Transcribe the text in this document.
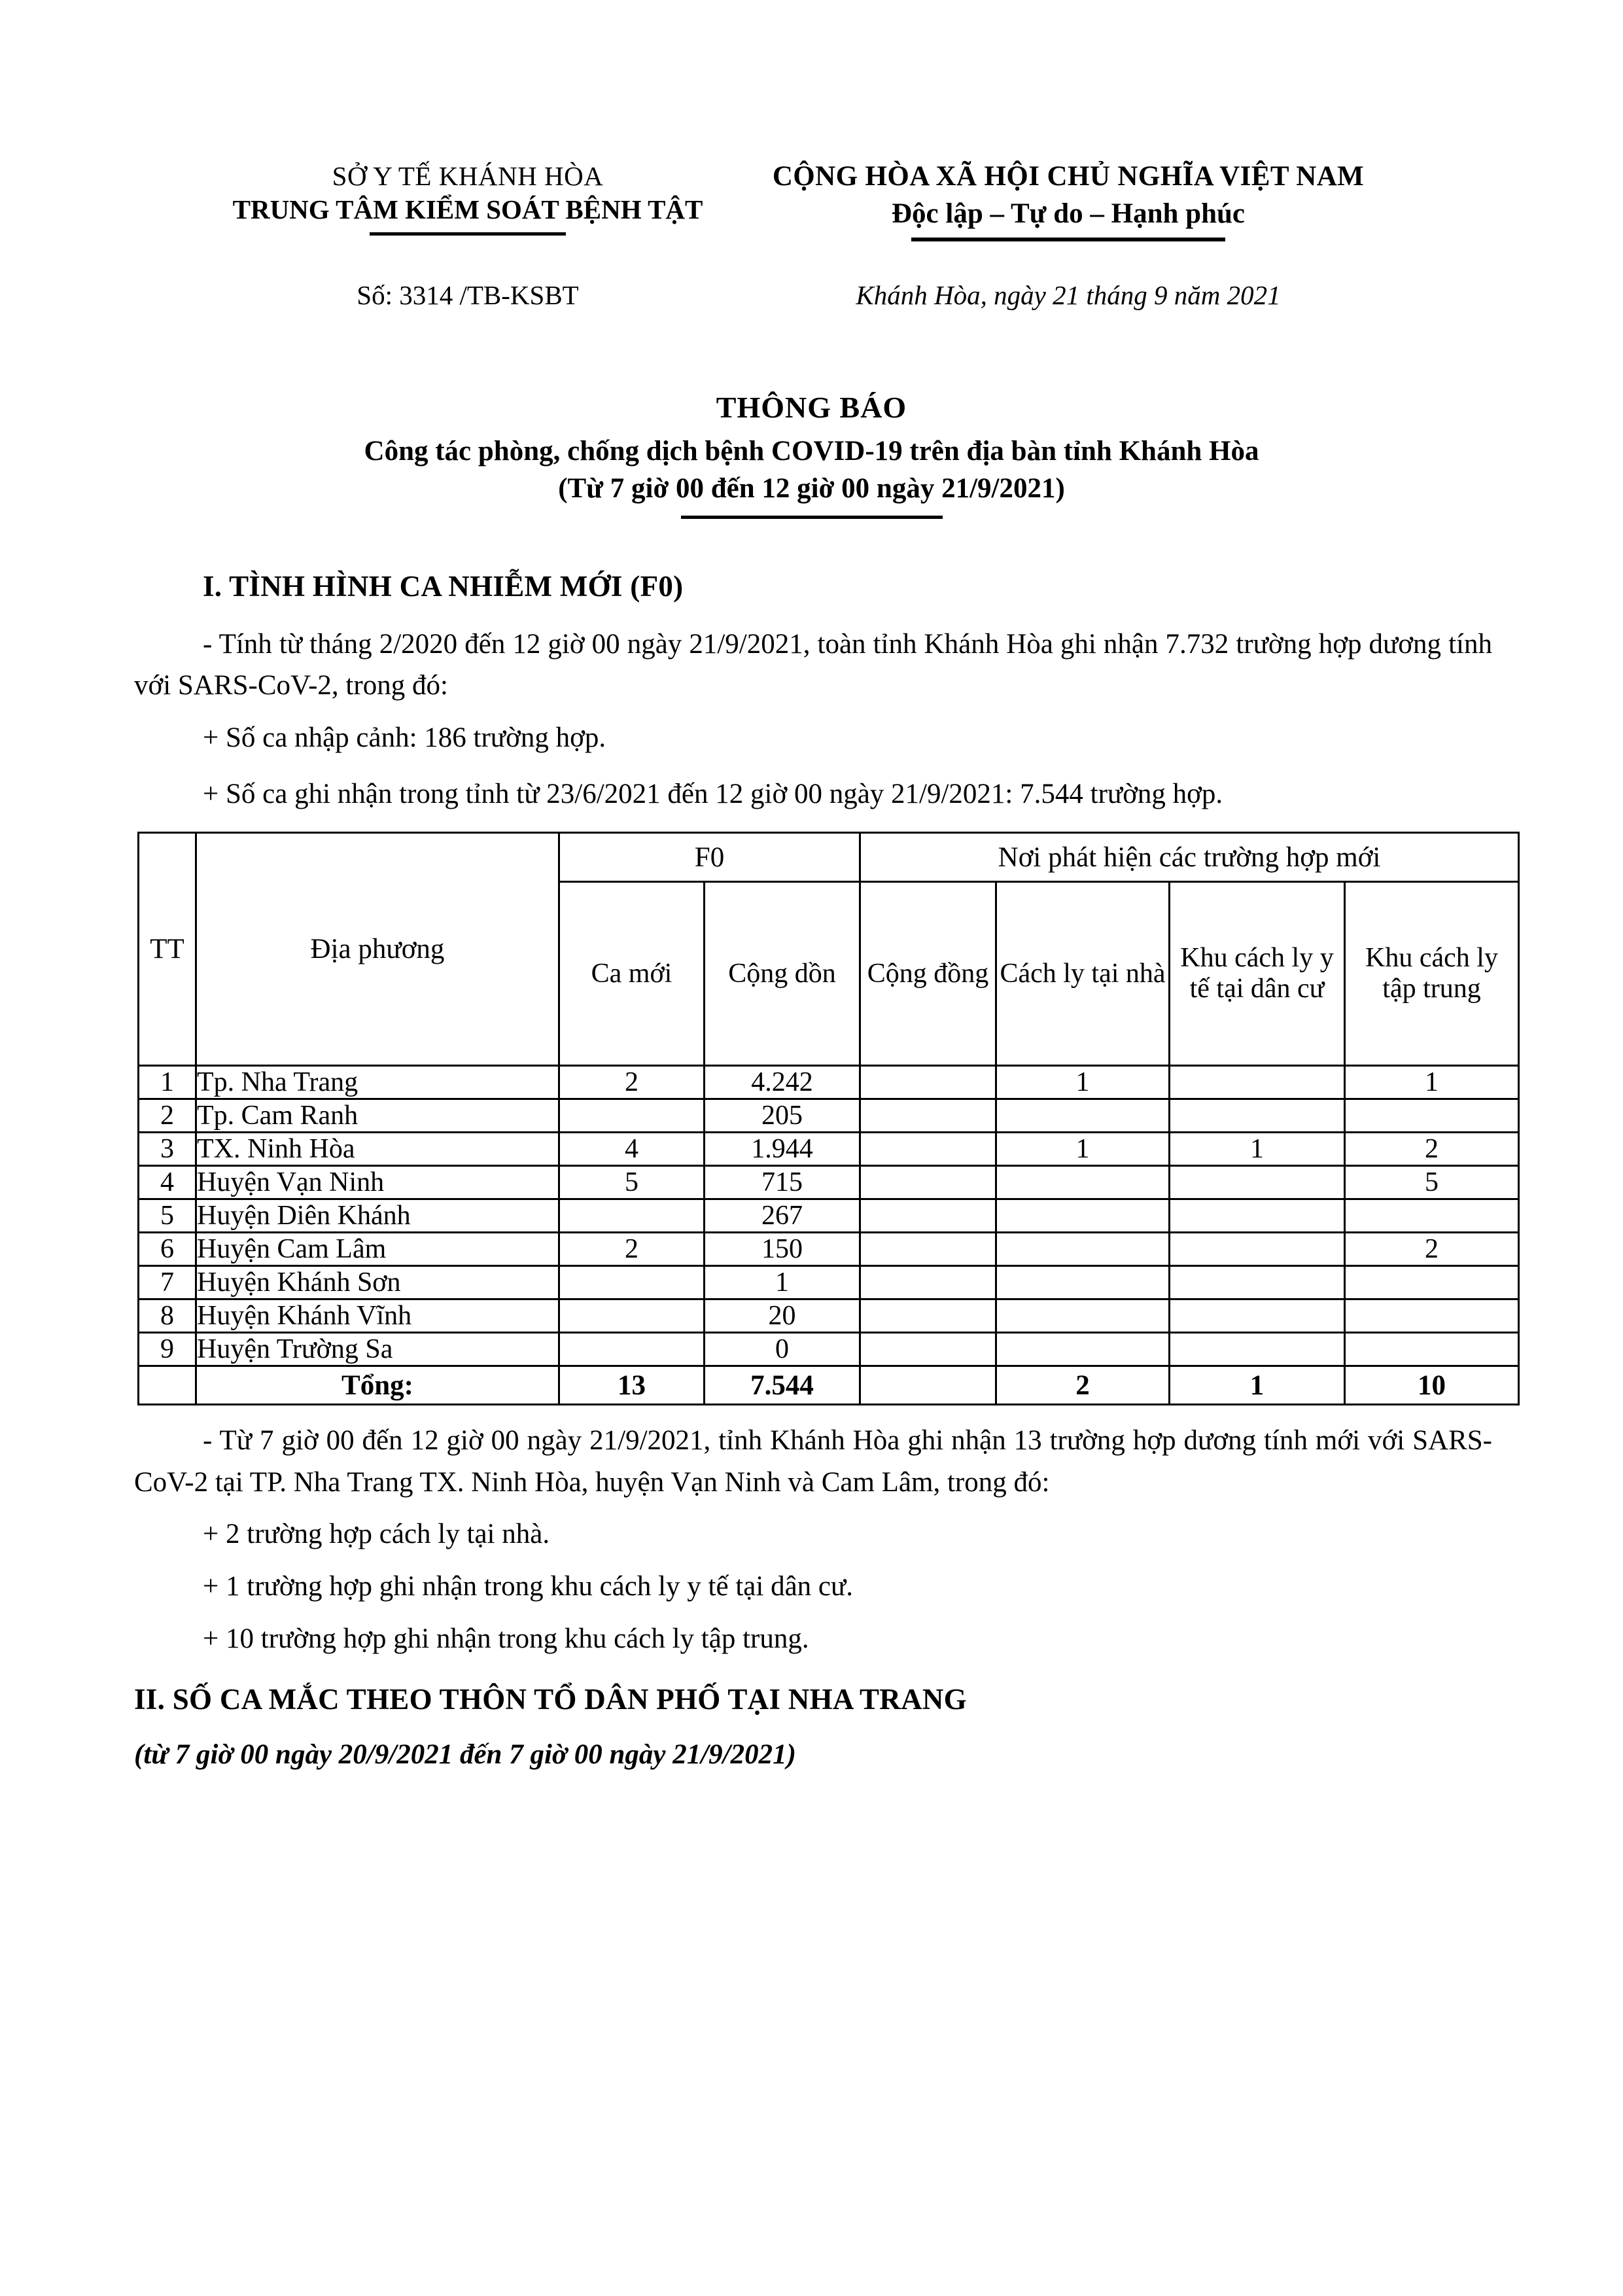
SỞ Y TẾ KHÁNH HÒA
TRUNG TÂM KIỂM SOÁT BỆNH TẬT
CỘNG HÒA XÃ HỘI CHỦ NGHĨA VIỆT NAM
Độc lập – Tự do – Hạnh phúc
Số: 3314 /TB-KSBT	Khánh Hòa, ngày 21 tháng 9 năm 2021
THÔNG BÁO
Công tác phòng, chống dịch bệnh COVID-19 trên địa bàn tỉnh Khánh Hòa
(Từ 7 giờ 00 đến 12 giờ 00 ngày 21/9/2021)
I. TÌNH HÌNH CA NHIỄM MỚI (F0)
- Tính từ tháng 2/2020 đến 12 giờ 00 ngày 21/9/2021, toàn tỉnh Khánh Hòa ghi nhận 7.732 trường hợp dương tính với SARS-CoV-2, trong đó:
+ Số ca nhập cảnh: 186 trường hợp.
+ Số ca ghi nhận trong tỉnh từ 23/6/2021 đến 12 giờ 00 ngày 21/9/2021: 7.544 trường hợp.
TT	Địa phương	F0		Nơi phát hiện các trường hợp mới			
		Ca mới	Cộng dồn	Cộng đồng	Cách ly tại nhà	Khu cách ly y tế tại dân cư	Khu cách ly tập trung
1	Tp. Nha Trang	2	4.242		1		1
2	Tp. Cam Ranh		205				
3	TX. Ninh Hòa	4	1.944		1	1	2
4	Huyện Vạn Ninh	5	715				5
5	Huyện Diên Khánh		267				
6	Huyện Cam Lâm	2	150				2
7	Huyện Khánh Sơn		1				
8	Huyện Khánh Vĩnh		20				
9	Huyện Trường Sa		0				
	Tổng:	13	7.544		2	1	10
- Từ 7 giờ 00 đến 12 giờ 00 ngày 21/9/2021, tỉnh Khánh Hòa ghi nhận 13 trường hợp dương tính mới với SARS-CoV-2 tại TP. Nha Trang TX. Ninh Hòa, huyện Vạn Ninh và Cam Lâm, trong đó:
+ 2 trường hợp cách ly tại nhà.
+ 1 trường hợp ghi nhận trong khu cách ly y tế tại dân cư.
+ 10 trường hợp ghi nhận trong khu cách ly tập trung.
II. SỐ CA MẮC THEO THÔN TỔ DÂN PHỐ TẠI NHA TRANG
(từ 7 giờ 00 ngày 20/9/2021 đến 7 giờ 00 ngày 21/9/2021)
